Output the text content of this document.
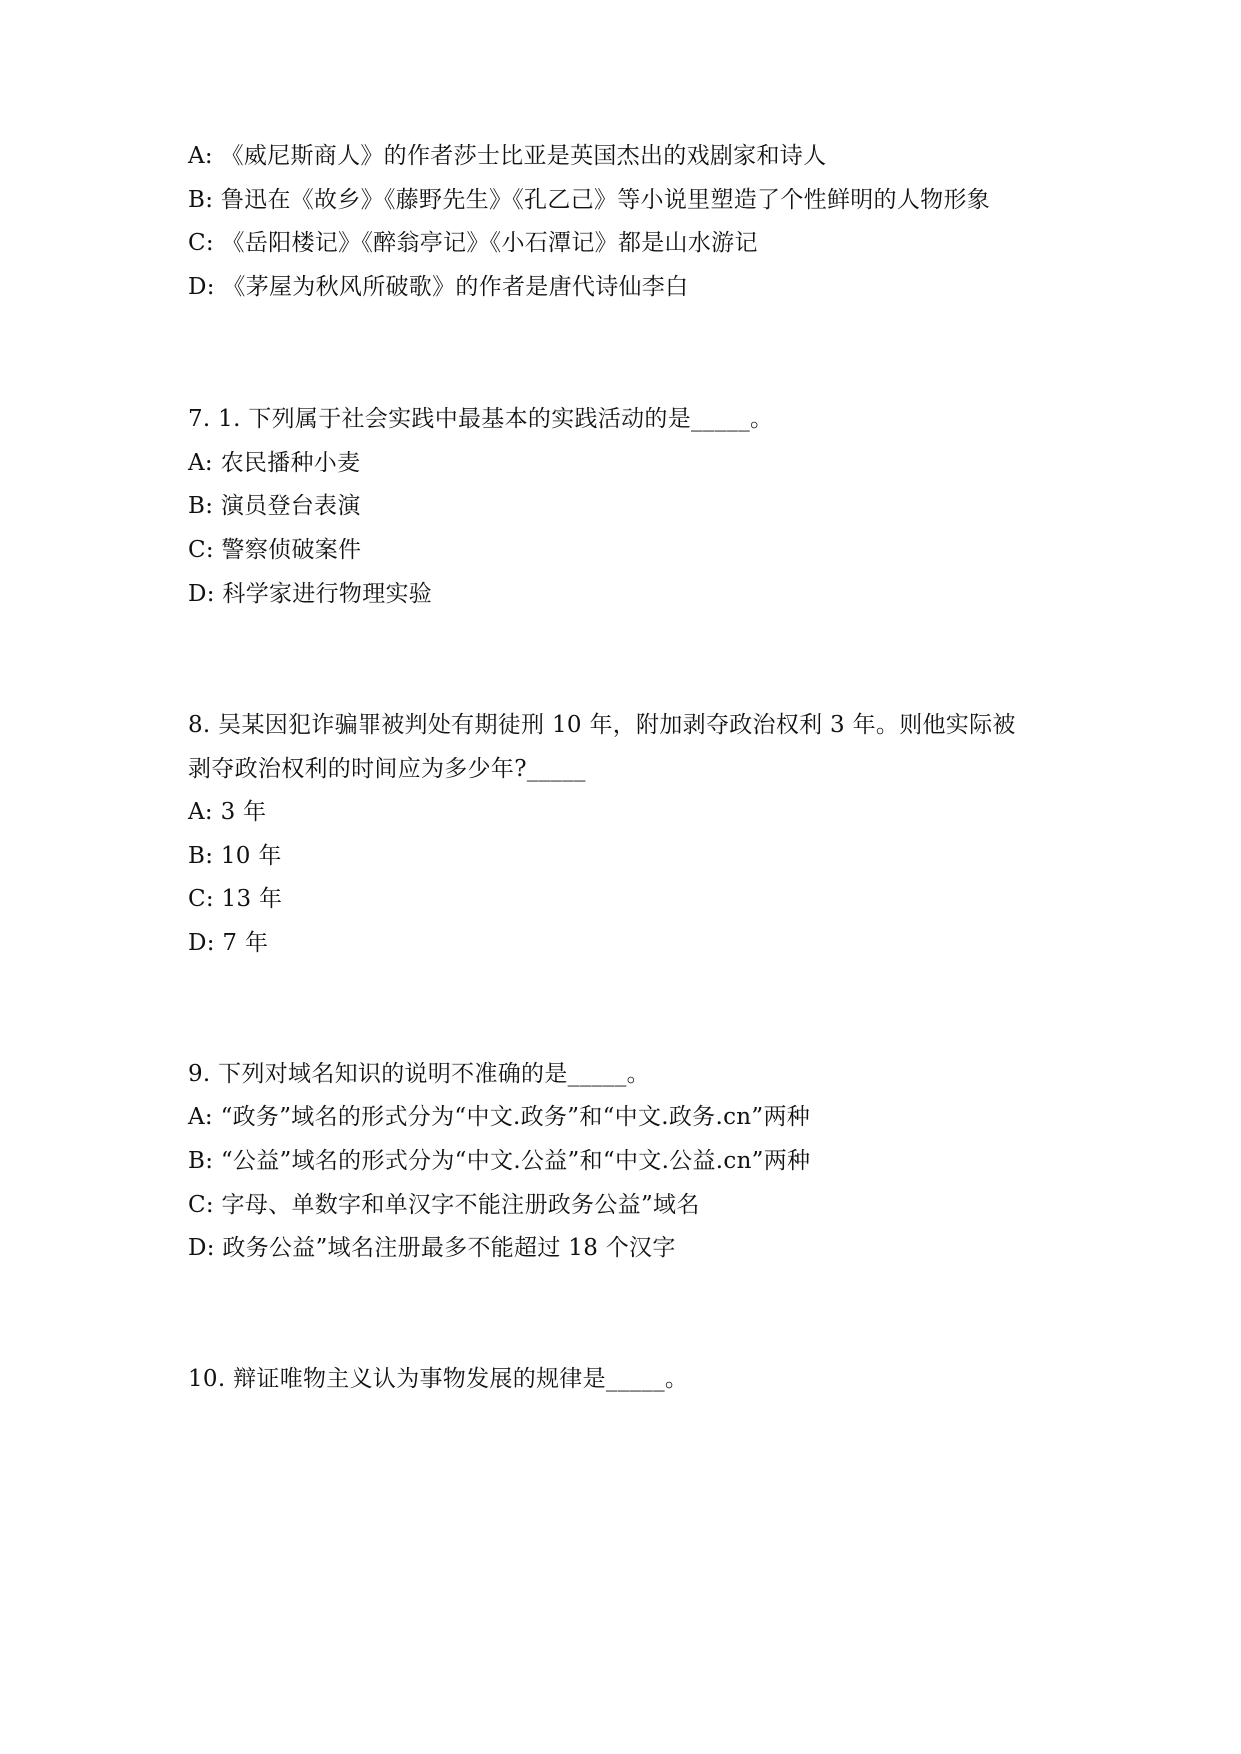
A: 《威尼斯商人》的作者莎士比亚是英国杰出的戏剧家和诗人
B: 鲁迅在《故乡》《藤野先生》《孔乙己》等小说里塑造了个性鲜明的人物形象
C: 《岳阳楼记》《醉翁亭记》《小石潭记》都是山水游记
D: 《茅屋为秋风所破歌》的作者是唐代诗仙李白
7. 1. 下列属于社会实践中最基本的实践活动的是_____。
A: 农民播种小麦
B: 演员登台表演
C: 警察侦破案件
D: 科学家进行物理实验
8. 吴某因犯诈骗罪被判处有期徒刑 10 年，附加剥夺政治权利 3 年。则他实际被
剥夺政治权利的时间应为多少年?_____
A: 3 年
B: 10 年
C: 13 年
D: 7 年
9. 下列对域名知识的说明不准确的是_____。
A: “政务”域名的形式分为“中文.政务”和“中文.政务.cn”两种
B: “公益”域名的形式分为“中文.公益”和“中文.公益.cn”两种
C: 字母、单数字和单汉字不能注册政务公益”域名
D: 政务公益”域名注册最多不能超过 18 个汉字
10. 辩证唯物主义认为事物发展的规律是_____。
